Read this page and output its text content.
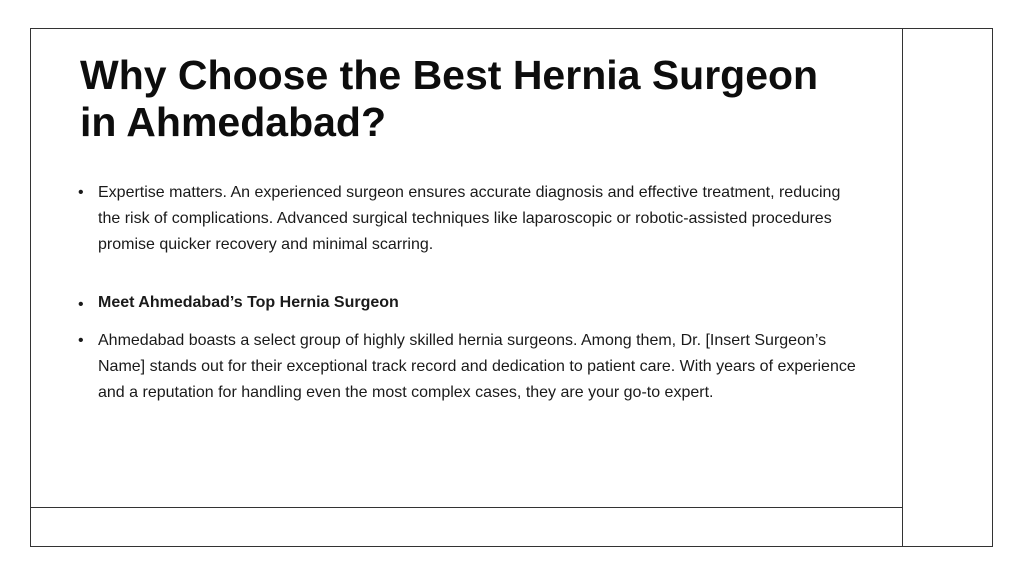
Why Choose the Best Hernia Surgeon in Ahmedabad?
• Expertise matters. An experienced surgeon ensures accurate diagnosis and effective treatment, reducing the risk of complications. Advanced surgical techniques like laparoscopic or robotic-assisted procedures promise quicker recovery and minimal scarring.
• Meet Ahmedabad’s Top Hernia Surgeon
• Ahmedabad boasts a select group of highly skilled hernia surgeons. Among them, Dr. [Insert Surgeon’s Name] stands out for their exceptional track record and dedication to patient care. With years of experience and a reputation for handling even the most complex cases, they are your go-to expert.
